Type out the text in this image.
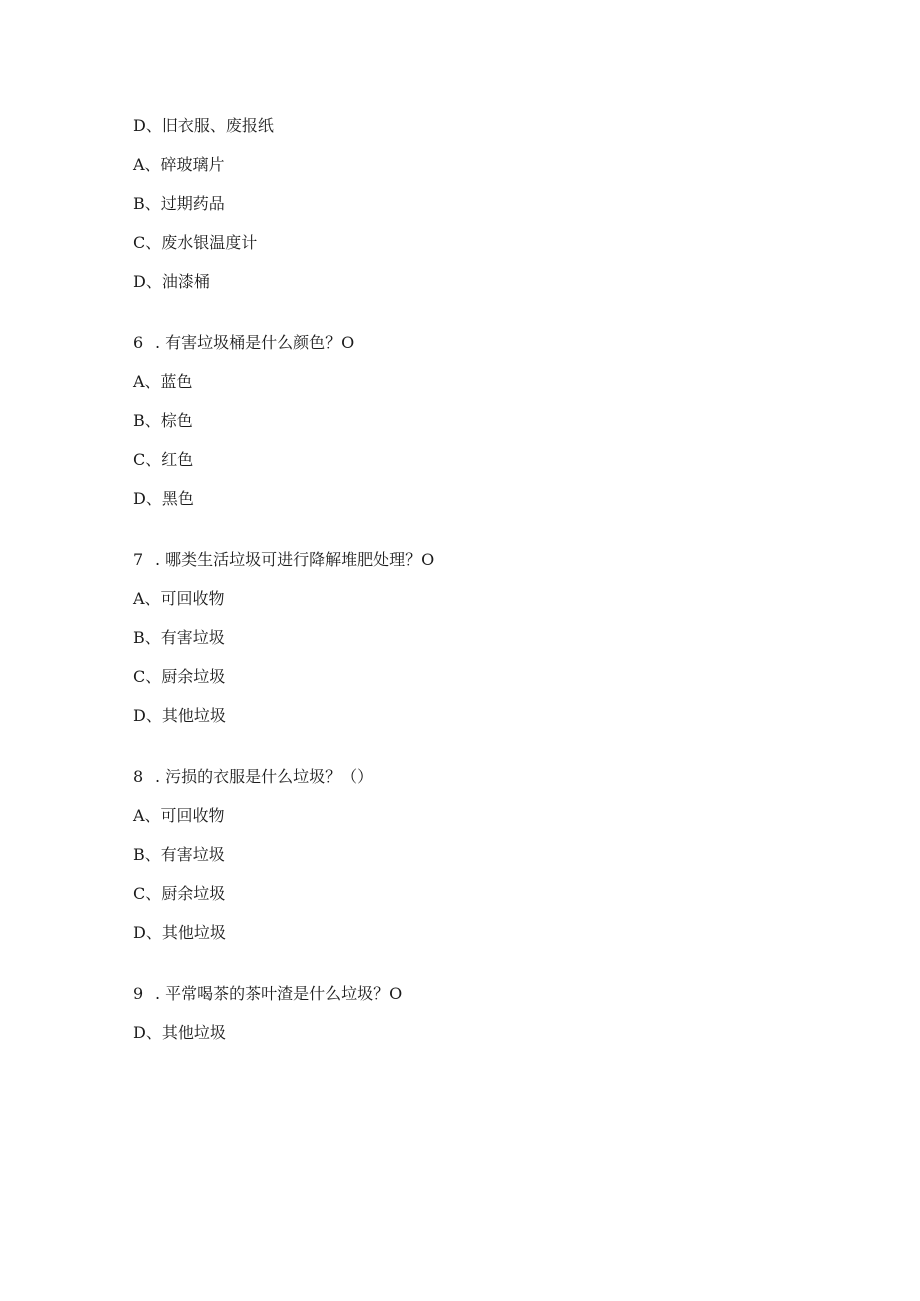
D、旧衣服、废报纸
A、碎玻璃片
B、过期药品
C、废水银温度计
D、油漆桶
6 . 有害垃圾桶是什么颜色？O
A、蓝色
B、棕色
C、红色
D、黑色
7 . 哪类生活垃圾可进行降解堆肥处理？O
A、可回收物
B、有害垃圾
C、厨余垃圾
D、其他垃圾
8 . 污损的衣服是什么垃圾？（）
A、可回收物
B、有害垃圾
C、厨余垃圾
D、其他垃圾
9 . 平常喝茶的茶叶渣是什么垃圾？O
D、其他垃圾
